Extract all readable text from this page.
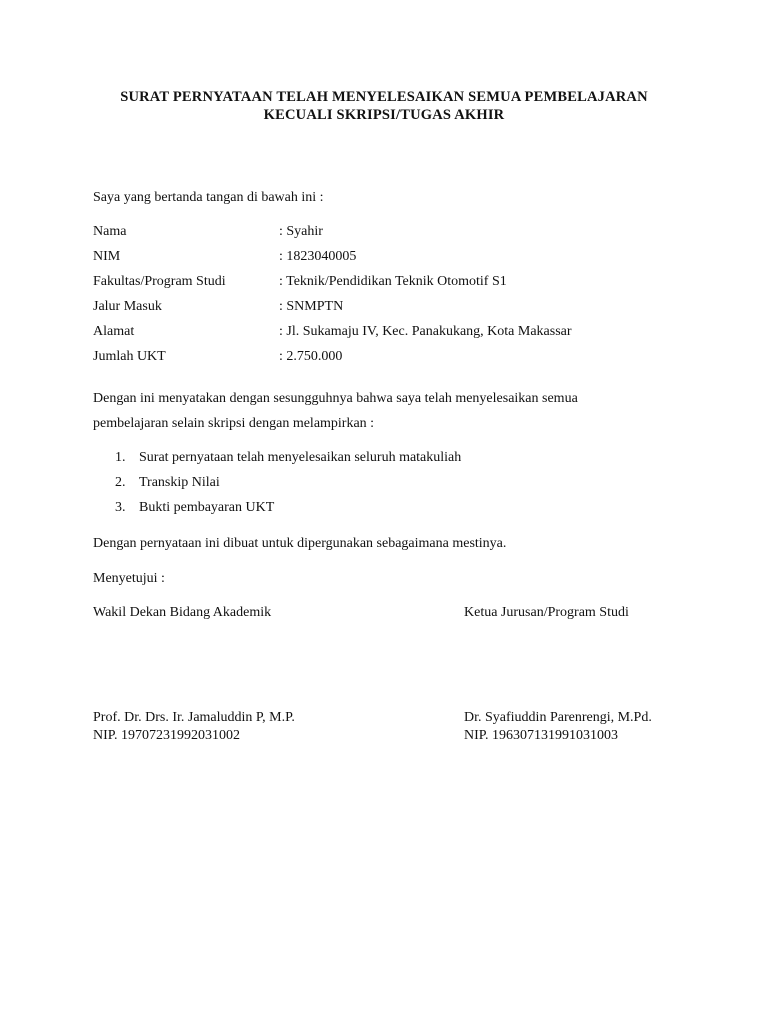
SURAT PERNYATAAN TELAH MENYELESAIKAN SEMUA PEMBELAJARAN
KECUALI SKRIPSI/TUGAS AKHIR
Saya yang bertanda tangan di bawah ini :
Nama	: Syahir
NIM	: 1823040005
Fakultas/Program Studi	: Teknik/Pendidikan Teknik Otomotif S1
Jalur Masuk	: SNMPTN
Alamat	: Jl. Sukamaju IV, Kec. Panakukang, Kota Makassar
Jumlah UKT	: 2.750.000
Dengan ini menyatakan dengan sesungguhnya bahwa saya telah menyelesaikan semua
pembelajaran selain skripsi dengan melampirkan :
1. Surat pernyataan telah menyelesaikan seluruh matakuliah
2. Transkip Nilai
3. Bukti pembayaran UKT
Dengan pernyataan ini dibuat untuk dipergunakan sebagaimana mestinya.
Menyetujui :
Wakil Dekan Bidang Akademik	Ketua Jurusan/Program Studi
Prof. Dr. Drs. Ir. Jamaluddin P, M.P.	Dr. Syafiuddin Parenrengi, M.Pd.
NIP. 19707231992031002	NIP. 196307131991031003
